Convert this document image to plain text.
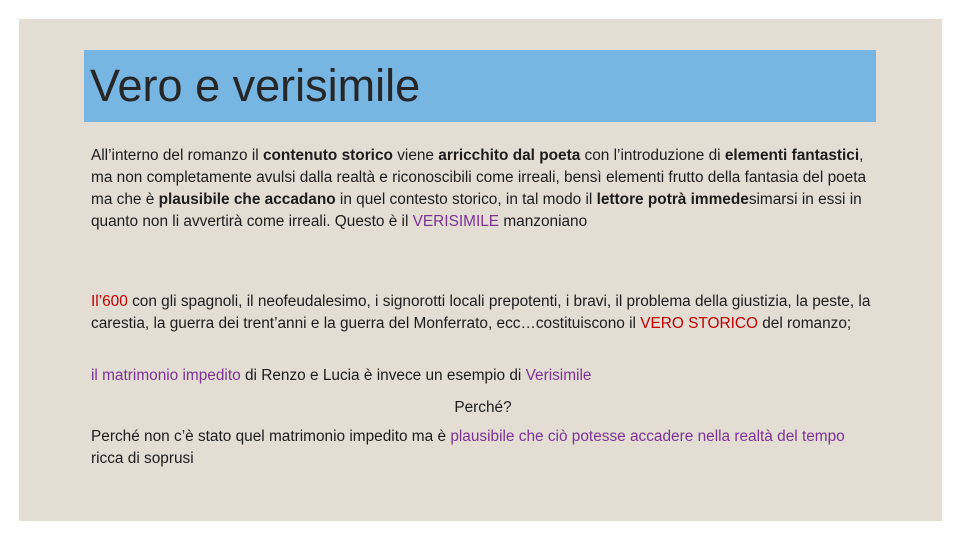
Vero e verisimile
All’interno del romanzo il contenuto storico viene arricchito dal poeta con l’introduzione di elementi fantastici, ma non completamente avulsi dalla realtà e riconoscibili come irreali, bensì elementi frutto della fantasia del poeta ma che è plausibile che accadano in quel contesto storico, in tal modo il lettore potrà immedesimarsi in essi in quanto non li avvertirà come irreali. Questo è il VERISIMILE manzoniano
Il’600 con gli spagnoli, il neofeudalesimo, i signorotti locali prepotenti, i bravi, il problema della giustizia, la peste, la carestia, la guerra dei trent’anni e la guerra del Monferrato, ecc…costituiscono il VERO STORICO del romanzo;
il matrimonio impedito di Renzo e Lucia è invece un esempio di Verisimile
Perché?
Perché non c’è stato quel matrimonio impedito ma è plausibile che ciò potesse accadere nella realtà del tempo ricca di soprusi
